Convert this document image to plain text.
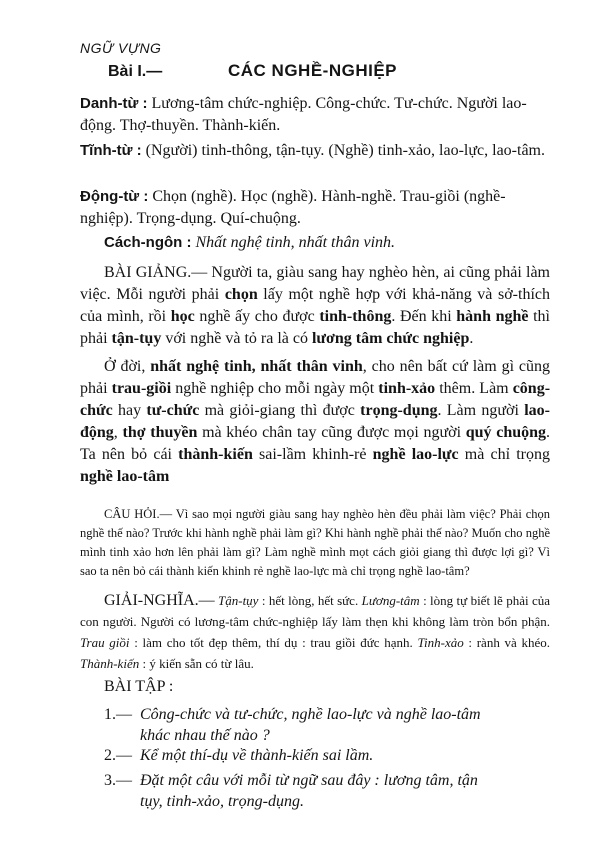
NGỮ VỰNG
Bài I.—	CÁC NGHỀ-NGHIỆP
Danh-từ : Lương-tâm chức-nghiệp. Công-chức. Tư-chức. Người lao-động. Thợ-thuyền. Thành-kiến.
Tĩnh-từ : (Người) tinh-thông, tận-tụy. (Nghề) tinh-xảo, lao-lực, lao-tâm.
Động-từ : Chọn (nghề). Học (nghề). Hành-nghề. Trau-giồi (nghề-nghiệp). Trọng-dụng. Quí-chuộng.
Cách-ngôn : Nhất nghệ tinh, nhất thân vinh.

BÀI GIẢNG.— Người ta, giàu sang hay nghèo hèn, ai cũng phải làm việc. Mỗi người phải chọn lấy một nghề hợp với khả-năng và sở-thích của mình, rồi học nghề ấy cho được tinh-thông. Đến khi hành nghề thì phải tận-tụy với nghề và tỏ ra là có lương tâm chức nghiệp.

Ở đời, nhất nghệ tinh, nhất thân vinh, cho nên bất cứ làm gì cũng phải trau-giồi nghề nghiệp cho mỗi ngày một tinh-xảo thêm. Làm công-chức hay tư-chức mà giỏi-giang thì được trọng-dụng. Làm người lao-động, thợ thuyền mà khéo chân tay cũng được mọi người quý chuộng. Ta nên bỏ cái thành-kiến sai-lầm khinh-rẻ nghề lao-lực mà chỉ trọng nghề lao-tâm

CÂU HỎI.— Vì sao mọi người giàu sang hay nghèo hèn đều phải làm việc? Phải chọn nghề thế nào? Trước khi hành nghề phải làm gì? Khi hành nghề phải thế nào? Muốn cho nghề mình tinh xảo hơn lên phải làm gì? Làm nghề mình mọt cách giỏi giang thì được lợi gì? Vì sao ta nên bỏ cái thành kiến khinh rẻ nghề lao-lực mà chỉ trọng nghề lao-tâm?
GIẢI-NGHĨA.— Tận-tụy : hết lòng, hết sức. Lương-tâm : lòng tự biết lẽ phải của con người. Người có lương-tâm chức-nghiệp lấy làm thẹn khi không làm tròn bổn phận. Trau giồi : làm cho tốt đẹp thêm, thí dụ : trau giồi đức hạnh. Tinh-xảo : rành và khéo. Thành-kiến : ý kiến sẵn có từ lâu.
BÀI TẬP :
1.— Công-chức và tư-chức, nghề lao-lực và nghề lao-tâm
khác nhau thế nào ?
2.— Kể một thí-dụ về thành-kiến sai lầm.
3.— Đặt một câu với mỗi từ ngữ sau đây : lương tâm, tận
tụy, tinh-xảo, trọng-dụng.
